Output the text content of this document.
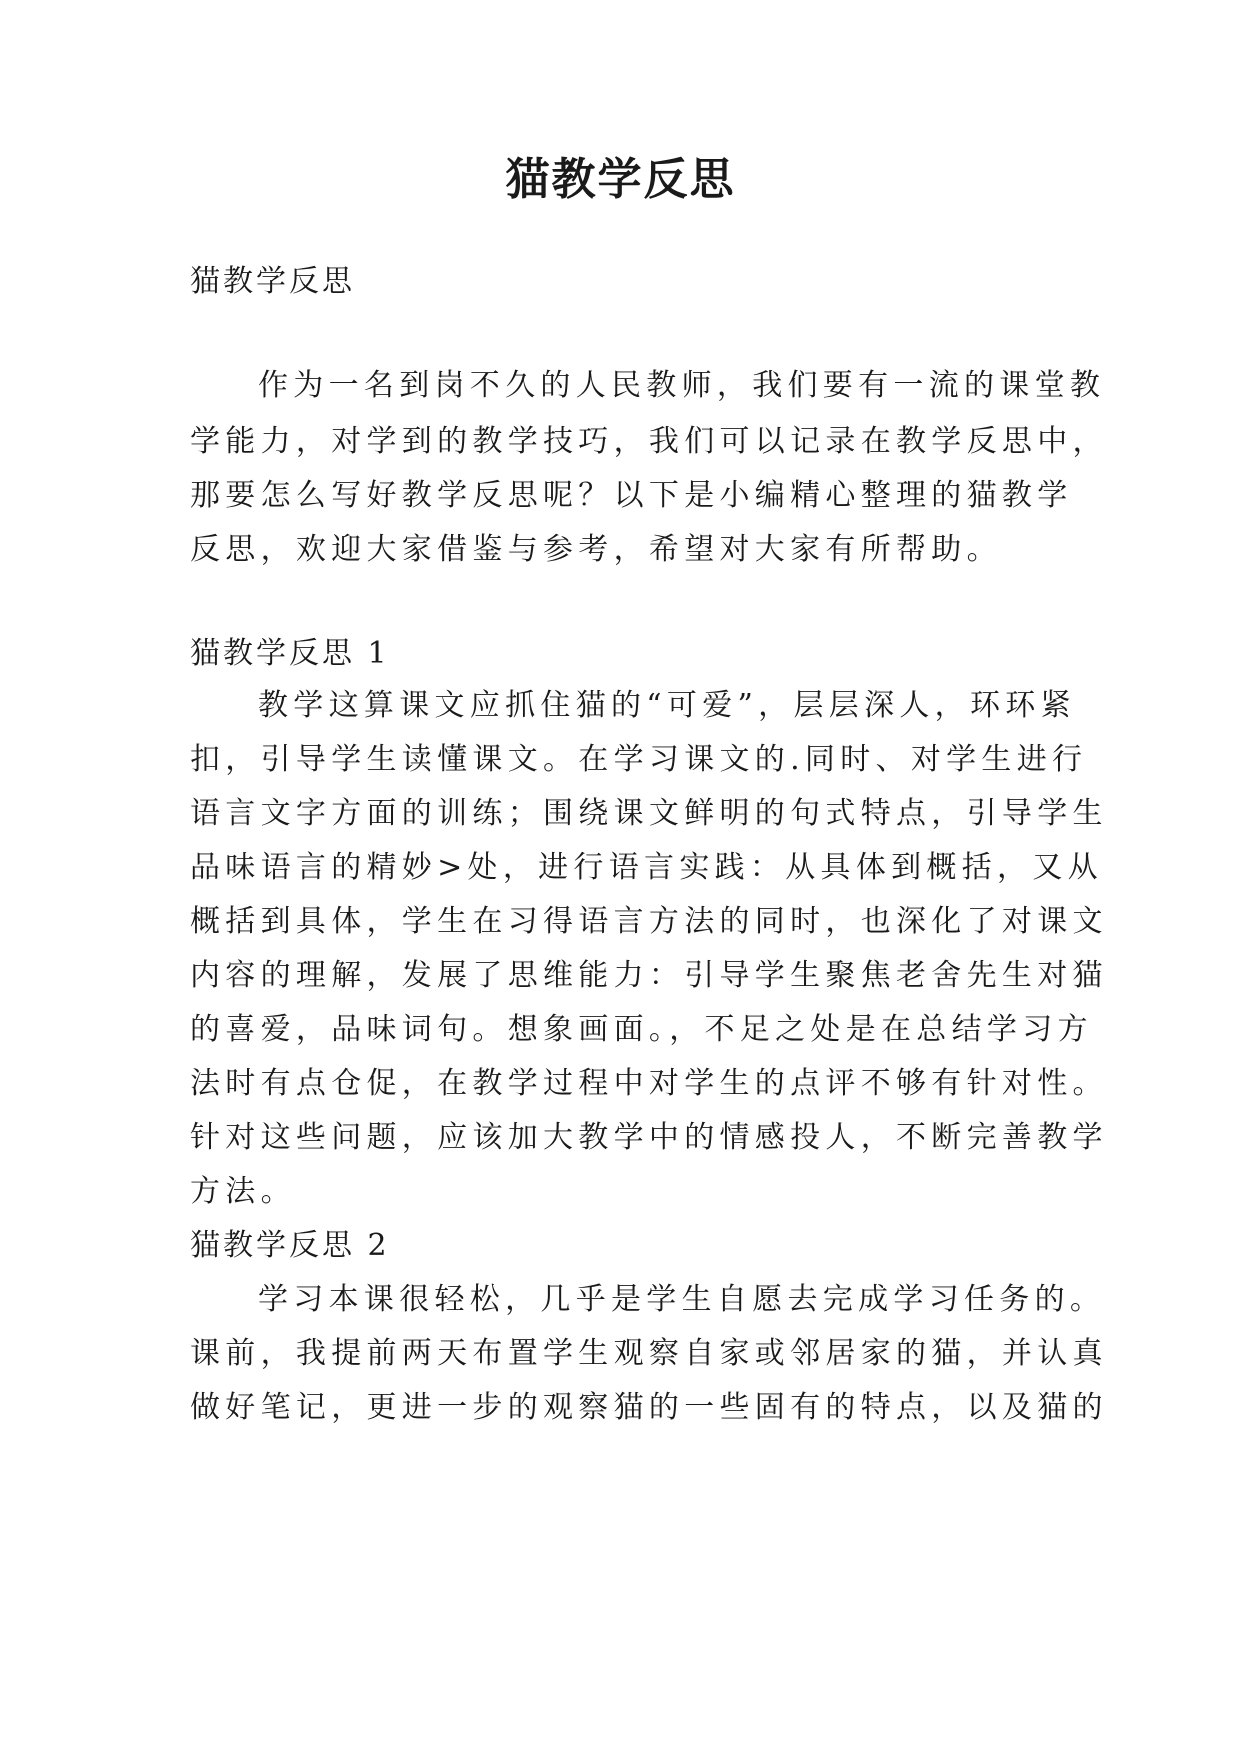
猫教学反思

猫教学反思

作为一名到岗不久的人民教师，我们要有一流的课堂教

学能力，对学到的教学技巧，我们可以记录在教学反思中，

那要怎么写好教学反思呢？以下是小编精心整理的猫教学

反思，欢迎大家借鉴与参考，希望对大家有所帮助。

猫教学反思 1

教学这算课文应抓住猫的“可爱”，层层深人，环环紧

扣，引导学生读懂课文。在学习课文的.同时、对学生进行

语言文字方面的训练；围绕课文鲜明的句式特点，引导学生

品味语言的精妙>处，进行语言实践：从具体到概括，又从

概括到具体，学生在习得语言方法的同时，也深化了对课文

内容的理解，发展了思维能力：引导学生聚焦老舍先生对猫

的喜爱，品味词句。想象画面。，不足之处是在总结学习方

法时有点仓促，在教学过程中对学生的点评不够有针对性。

针对这些问题，应该加大教学中的情感投人，不断完善教学

方法。

猫教学反思 2

学习本课很轻松，几乎是学生自愿去完成学习任务的。

课前，我提前两天布置学生观察自家或邻居家的猫，并认真

做好笔记，更进一步的观察猫的一些固有的特点，以及猫的
